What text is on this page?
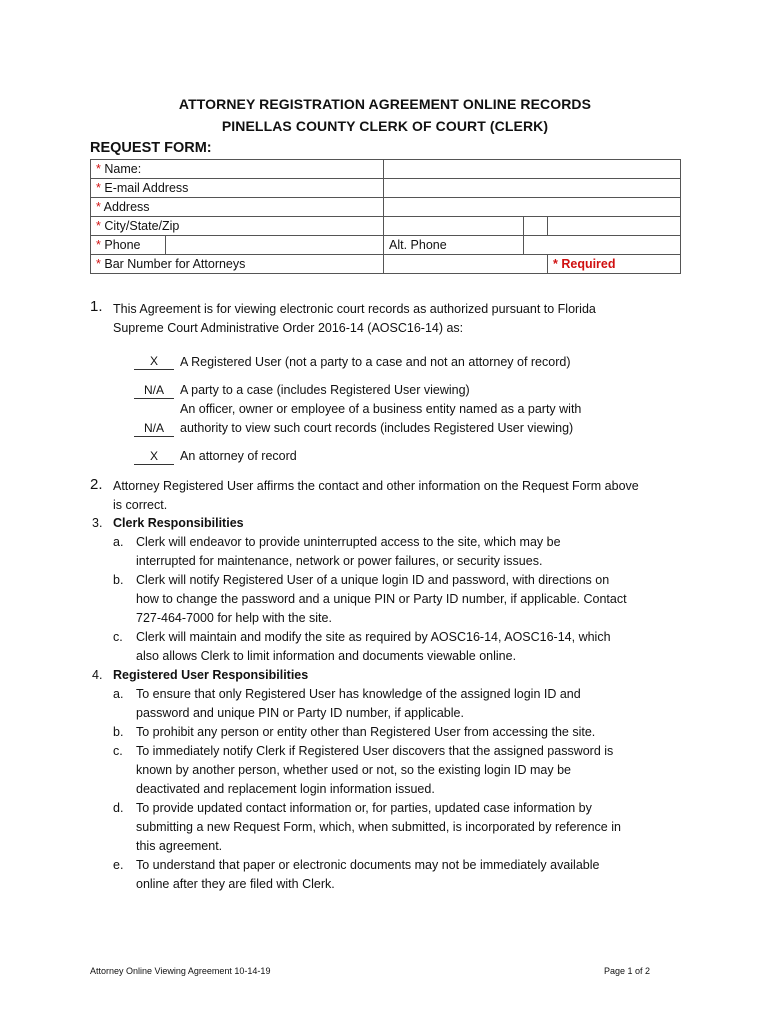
ATTORNEY REGISTRATION AGREEMENT ONLINE RECORDS
PINELLAS COUNTY CLERK OF COURT (CLERK)
REQUEST FORM:
* Name:				
* E-mail Address				
* Address				
* City/State/Zip				
* Phone		Alt. Phone		
* Bar Number for Attorneys				* Required
1. This Agreement is for viewing electronic court records as authorized pursuant to Florida
Supreme Court Administrative Order 2016-14 (AOSC16-14) as:
X	A Registered User (not a party to a case and not an attorney of record)
N/A	A party to a case (includes Registered User viewing)
An officer, owner or employee of a business entity named as a party with
N/A	authority to view such court records (includes Registered User viewing)
X	An attorney of record
2. Attorney Registered User affirms the contact and other information on the Request Form above
is correct.
3. Clerk Responsibilities
a. Clerk will endeavor to provide uninterrupted access to the site, which may be
interrupted for maintenance, network or power failures, or security issues.
b. Clerk will notify Registered User of a unique login ID and password, with directions on
how to change the password and a unique PIN or Party ID number, if applicable. Contact
727-464-7000 for help with the site.
c. Clerk will maintain and modify the site as required by AOSC16-14, AOSC16-14, which
also allows Clerk to limit information and documents viewable online.
4. Registered User Responsibilities
a. To ensure that only Registered User has knowledge of the assigned login ID and
password and unique PIN or Party ID number, if applicable.
b. To prohibit any person or entity other than Registered User from accessing the site.
c. To immediately notify Clerk if Registered User discovers that the assigned password is
known by another person, whether used or not, so the existing login ID may be
deactivated and replacement login information issued.
d. To provide updated contact information or, for parties, updated case information by
submitting a new Request Form, which, when submitted, is incorporated by reference in
this agreement.
e. To understand that paper or electronic documents may not be immediately available
online after they are filed with Clerk.
Attorney Online Viewing Agreement 10-14-19	Page 1 of 2
